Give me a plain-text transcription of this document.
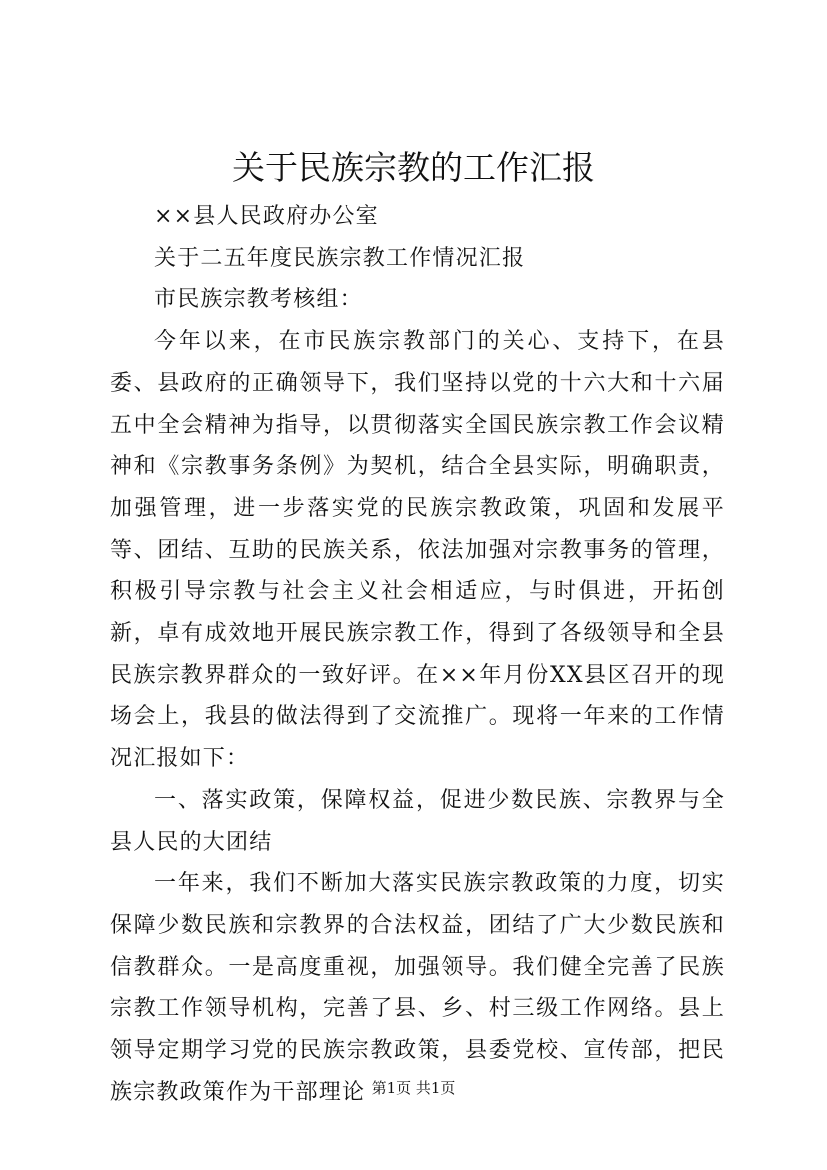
关于民族宗教的工作汇报

××县人民政府办公室

关于二五年度民族宗教工作情况汇报

市民族宗教考核组：

今年以来，在市民族宗教部门的关心、支持下，在县委、县政府的正确领导下，我们坚持以党的十六大和十六届五中全会精神为指导，以贯彻落实全国民族宗教工作会议精神和《宗教事务条例》为契机，结合全县实际，明确职责，加强管理，进一步落实党的民族宗教政策，巩固和发展平等、团结、互助的民族关系，依法加强对宗教事务的管理，积极引导宗教与社会主义社会相适应，与时俱进，开拓创新，卓有成效地开展民族宗教工作，得到了各级领导和全县民族宗教界群众的一致好评。在××年月份XX县区召开的现场会上，我县的做法得到了交流推广。现将一年来的工作情况汇报如下：

一、落实政策，保障权益，促进少数民族、宗教界与全县人民的大团结

一年来，我们不断加大落实民族宗教政策的力度，切实保障少数民族和宗教界的合法权益，团结了广大少数民族和信教群众。一是高度重视，加强领导。我们健全完善了民族宗教工作领导机构，完善了县、乡、村三级工作网络。县上领导定期学习党的民族宗教政策，县委党校、宣传部，把民族宗教政策作为干部理论 第1页 共1页
